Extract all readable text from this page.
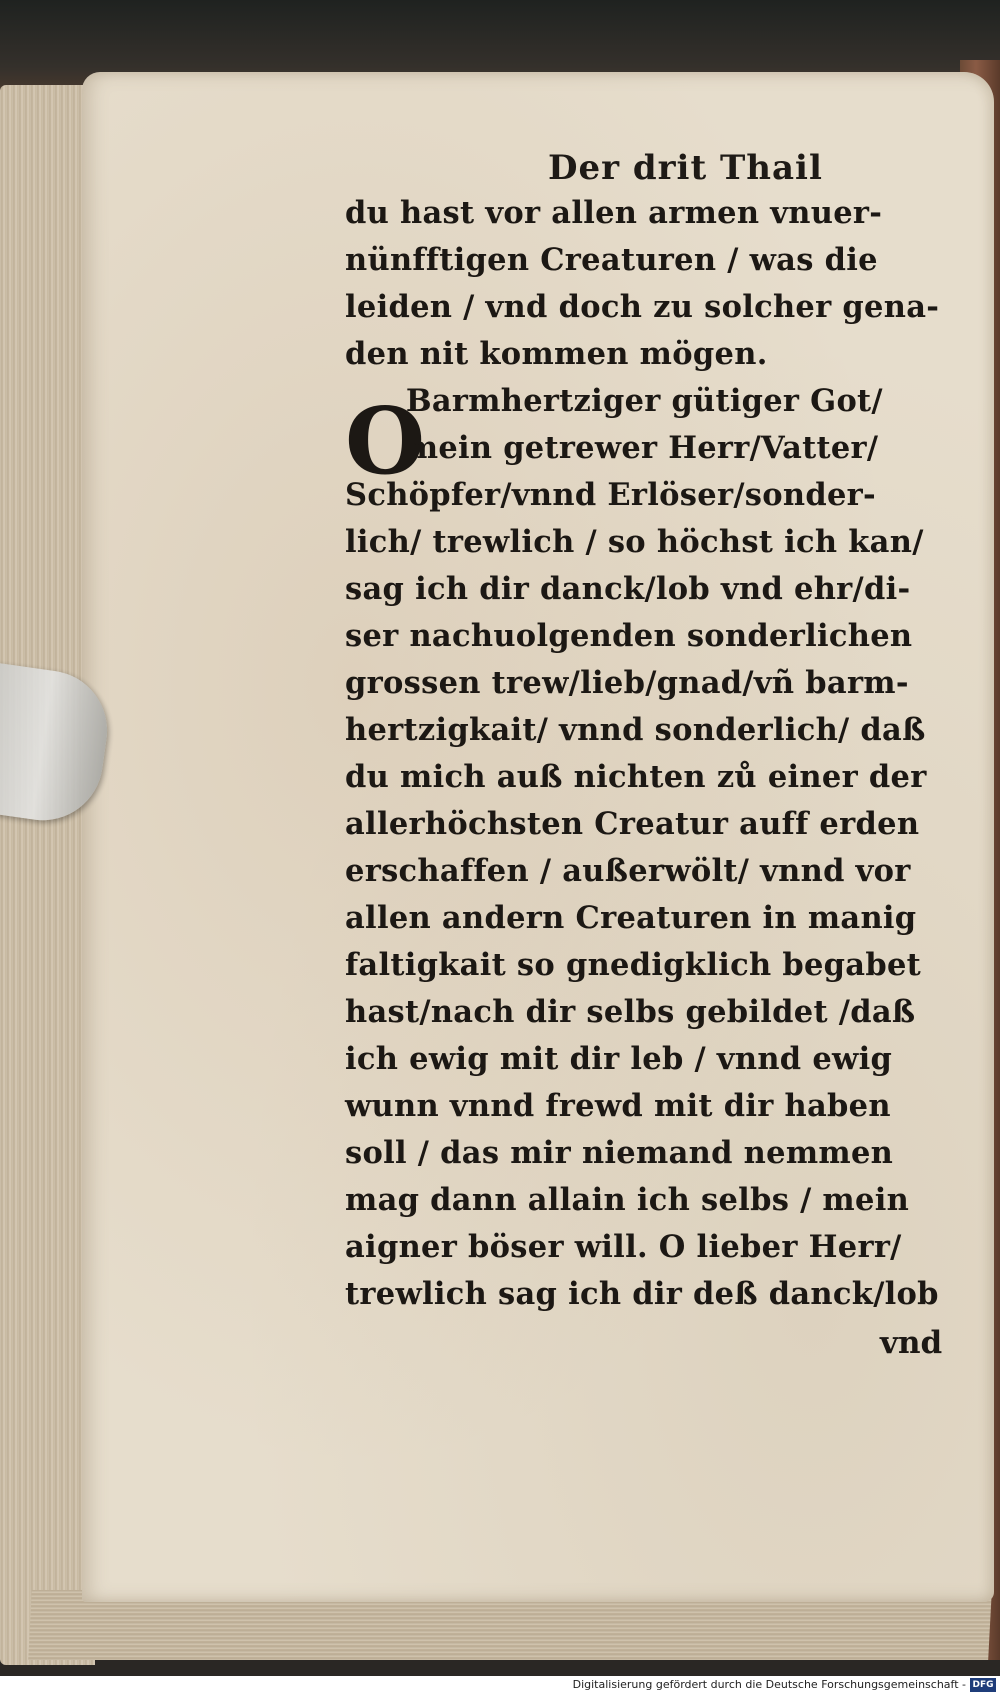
Der drit Thail
O
du hast vor allen armen vnuer-
nünfftigen Creaturen / was die
leiden / vnd doch zu solcher gena-
den nit kommen mögen.
Barmhertziger gütiger Got/
mein getrewer Herr/Vatter/
Schöpfer/vnnd Erlöser/sonder-
lich/ trewlich / so höchst ich kan/
sag ich dir danck/lob vnd ehr/di-
ser nachuolgenden sonderlichen
grossen trew/lieb/gnad/vñ barm-
hertzigkait/ vnnd sonderlich/ daß
du mich auß nichten zů einer der
allerhöchsten Creatur auff erden
erschaffen / außerwölt/ vnnd vor
allen andern Creaturen in manig
faltigkait so gnedigklich begabet
hast/nach dir selbs gebildet /daß
ich ewig mit dir leb / vnnd ewig
wunn vnnd frewd mit dir haben
soll / das mir niemand nemmen
mag dann allain ich selbs / mein
aigner böser will. O lieber Herr/
trewlich sag ich dir deß danck/lob
vnd
Digitalisierung gefördert durch die Deutsche Forschungsgemeinschaft - DFG
